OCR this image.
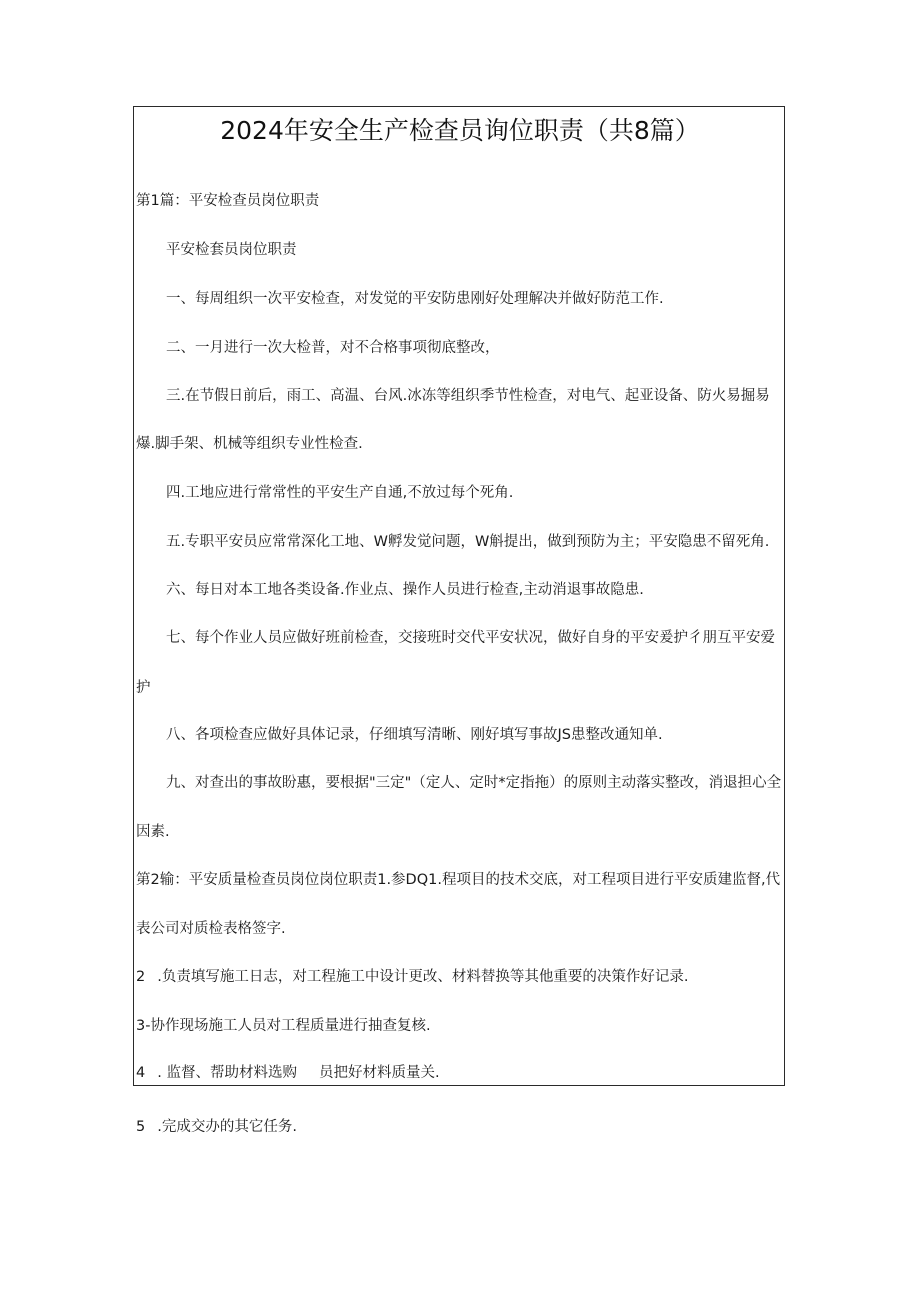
2024年安全生产检查员询位职责（共8篇）
第1篇：平安检查员岗位职责
平安检套员岗位职责
一、每周组织一次平安检查，对发觉的平安防患刚好处理解决并做好防范工作.
二、一月进行一次大检普，对不合格事项彻底整改，
三.在节假日前后，雨工、高温、台风.冰冻等组织季节性检查，对电气、起亚设备、防火易掘易
爆.脚手架、机械等组织专业性检查.
四.工地应进行常常性的平安生产自通,不放过每个死角.
五.专职平安员应常常深化工地、W孵发觉问题，W斛提出，做到预防为主；平安隐患不留死角.
六、每日对本工地各类设备.作业点、操作人员进行检查,主动消退事故隐患.
七、每个作业人员应做好班前检查，交接班时交代平安状况，做好自身的平安爰护彳朋互平安爱
护
八、各项检查应做好具体记录，仔细填写清晰、刚好填写事故JS患整改通知单.
九、对查出的事故盼惠，要根据"三定"（定人、定时*定指拖）的原则主动落实整改，消退担心全
因素.
第2输：平安质量检查员岗位岗位职责1.参DQ1.程项目的技术交底，对工程项目进行平安质建监督,代
表公司对质检表格签字.
2 .负责填写施工日志，对工程施工中设计更改、材料替换等其他重要的决策作好记录.
3-协作现场施工人员对工程质量进行抽查复核.
4 . 监督、帮助材料选购 员把好材料质量关.
5 .完成交办的其它任务.
